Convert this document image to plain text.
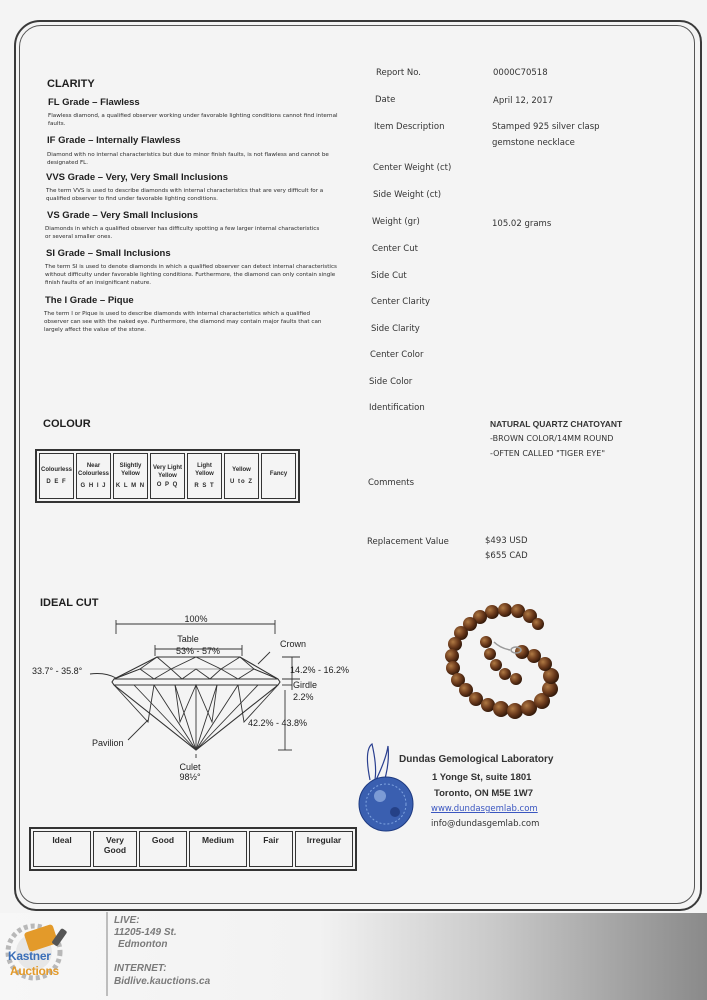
CLARITY
FL Grade – Flawless
Flawless diamond, a qualified observer working under favorable lighting conditions cannot find internal faults.
IF Grade – Internally Flawless
Diamond with no internal characteristics but due to minor finish faults, is not flawless and cannot be designated FL.
VVS Grade – Very, Very Small Inclusions
The term VVS is used to describe diamonds with internal characteristics that are very difficult for a qualified observer to find under favorable lighting conditions.
VS Grade – Very Small Inclusions
Diamonds in which a qualified observer has difficulty spotting a few larger internal characteristics or several smaller ones.
SI Grade – Small Inclusions
The term SI is used to denote diamonds in which a qualified observer can detect internal characteristics without difficulty under favorable lighting conditions. Furthermore, the diamond can only contain single finish faults of an insignificant nature.
The I Grade – Pique
The term I or Pique is used to describe diamonds with internal characteristics which a qualified observer can see with the naked eye. Furthermore, the diamond may contain major faults that can largely affect the value of the stone.
COLOUR
Colourless
D E F

Near Colourless
G H I J

Slightly Yellow
K L M N

Very Light Yellow
O P Q

Light Yellow
R S T

Yellow
U to Z

Fancy
IDEAL CUT
100%
Table
53% - 57%
Crown
33.7° - 35.8°	14.2% - 16.2%
Girdle
2.2%
42.2% - 43.8%
Pavilion
Culet
98½°
Ideal	Very Good	Good	Medium	Fair	Irregular
Report No.	0000C70518
Date	April 12, 2017
Item Description	Stamped 925 silver clasp gemstone necklace
Center Weight (ct)
Side Weight (ct)
Weight (gr)	105.02 grams
Center Cut
Side Cut
Center Clarity
Side Clarity
Center Color
Side Color
Identification
NATURAL QUARTZ CHATOYANT
-BROWN COLOR/14MM ROUND
-OFTEN CALLED "TIGER EYE"
Comments
Replacement Value	$493 USD
$655 CAD
Dundas Gemological Laboratory
1 Yonge St, suite 1801
Toronto, ON M5E 1W7
www.dundasgemlab.com
info@dundasgemlab.com
Kastner
Auctions
LIVE:
11205-149 St.
Edmonton
INTERNET:
Bidlive.kauctions.ca
